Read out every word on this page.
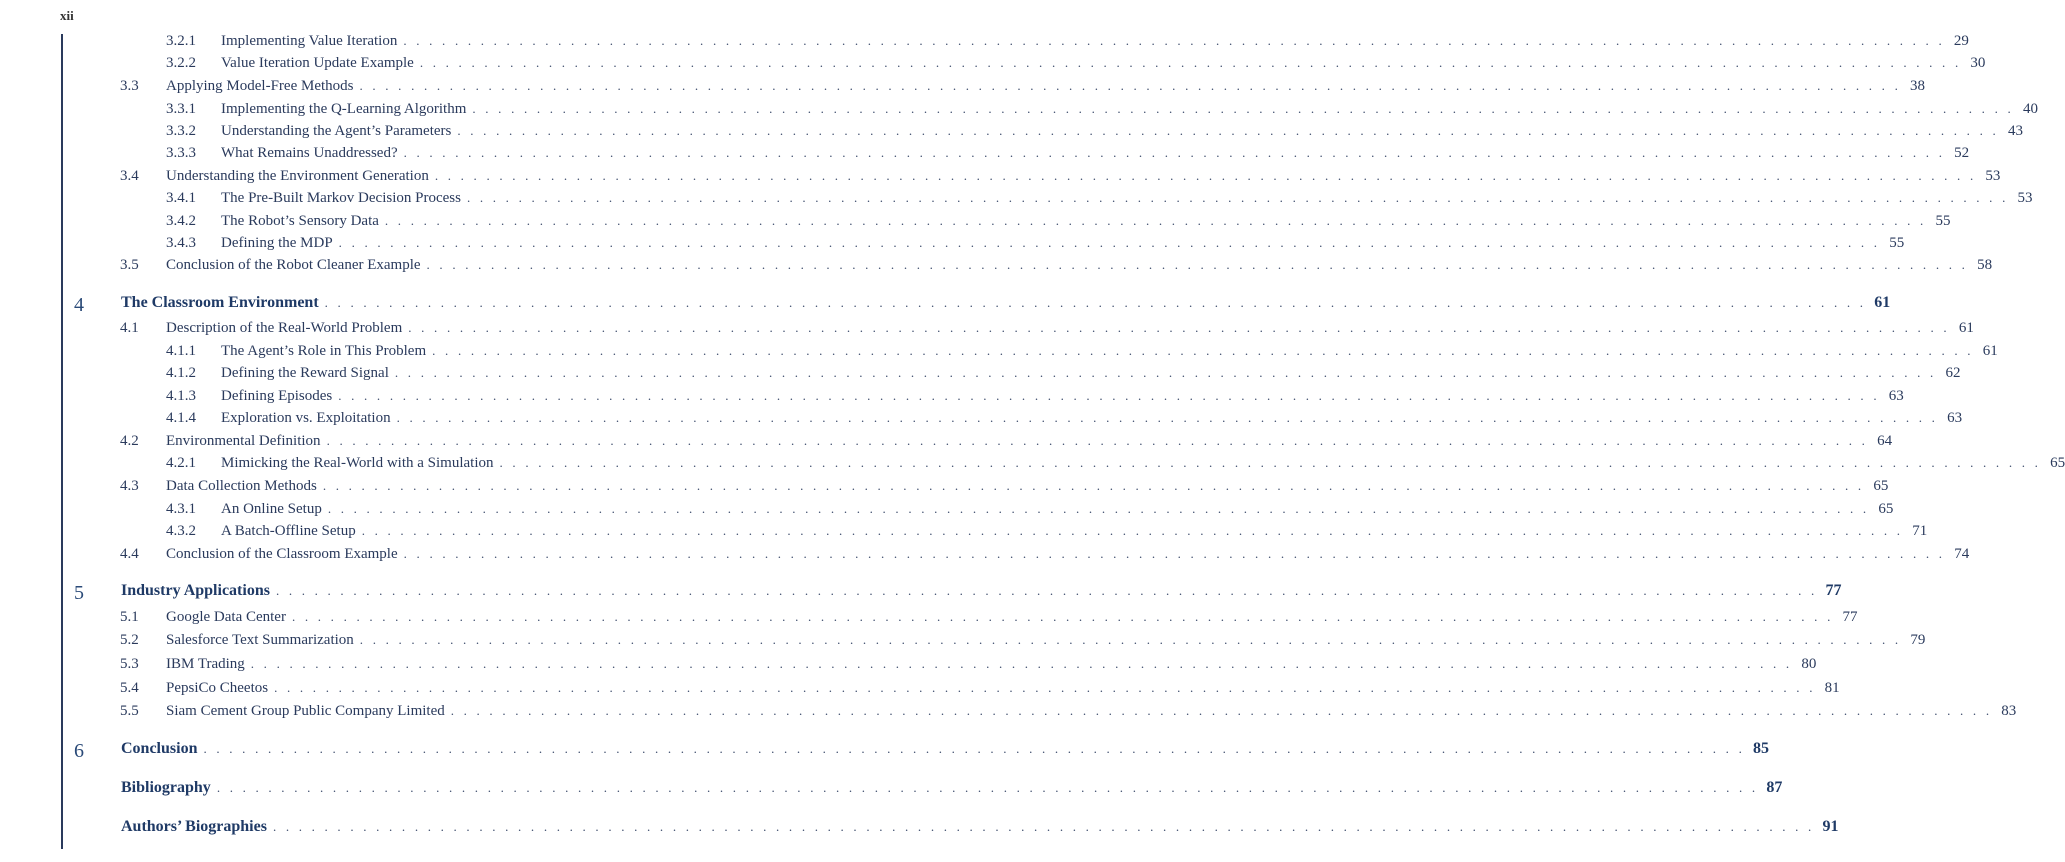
xii
3.2.1 Implementing Value Iteration . . . . . . . . . . . . . . . . . . . . . . . . . . . . . . . . . . . . . . . . . . . . . . . . . . . . . . . . . . . . . . . . . . . . . . . . . . . . . . . . . . . . . . . . . . . . . . . . . . . . . . . . . . . . . . . . . . . . . . . . 29
3.2.2 Value Iteration Update Example . . . . . . . . . . . . . . . . . . . . . . . . . . . . . . . . . . . . . . . . . . . . . . . . . . . . . . . . . . . . . . . . . . . . . . . . . . . . . . . . . . . . . . . . . . . . . . . . . . . . . . . . . . . . . . . . . . . . . . . . 30
3.3 Applying Model-Free Methods . . . . . . . . . . . . . . . . . . . . . . . . . . . . . . . . . . . . . . . . . . . . . . . . . . . . . . . . . . . . . . . . . . . . . . . . . . . . . . . . . . . . . . . . . . . . . . . . . . . . . . . . . . . . . . . . . . . . . . . . 38
3.3.1 Implementing the Q-Learning Algorithm . . . . . . . . . . . . . . . . . . . . . . . . . . . . . . . . . . . . . . . . . . . . . . . . . . . . . . . . . . . . . . . . . . . . . . . . . . . . . . . . . . . . . . . . . . . . . . . . . . . . . . . . . . . . . . . . . . . . . . . . 40
3.3.2 Understanding the Agent’s Parameters . . . . . . . . . . . . . . . . . . . . . . . . . . . . . . . . . . . . . . . . . . . . . . . . . . . . . . . . . . . . . . . . . . . . . . . . . . . . . . . . . . . . . . . . . . . . . . . . . . . . . . . . . . . . . . . . . . . . . . . . 43
3.3.3 What Remains Unaddressed? . . . . . . . . . . . . . . . . . . . . . . . . . . . . . . . . . . . . . . . . . . . . . . . . . . . . . . . . . . . . . . . . . . . . . . . . . . . . . . . . . . . . . . . . . . . . . . . . . . . . . . . . . . . . . . . . . . . . . . . . 52
3.4 Understanding the Environment Generation . . . . . . . . . . . . . . . . . . . . . . . . . . . . . . . . . . . . . . . . . . . . . . . . . . . . . . . . . . . . . . . . . . . . . . . . . . . . . . . . . . . . . . . . . . . . . . . . . . . . . . . . . . . . . . . . . . . . . . . . 53
3.4.1 The Pre-Built Markov Decision Process . . . . . . . . . . . . . . . . . . . . . . . . . . . . . . . . . . . . . . . . . . . . . . . . . . . . . . . . . . . . . . . . . . . . . . . . . . . . . . . . . . . . . . . . . . . . . . . . . . . . . . . . . . . . . . . . . . . . . . . . 53
3.4.2 The Robot’s Sensory Data . . . . . . . . . . . . . . . . . . . . . . . . . . . . . . . . . . . . . . . . . . . . . . . . . . . . . . . . . . . . . . . . . . . . . . . . . . . . . . . . . . . . . . . . . . . . . . . . . . . . . . . . . . . . . . . . . . . . . . . . 55
3.4.3 Defining the MDP . . . . . . . . . . . . . . . . . . . . . . . . . . . . . . . . . . . . . . . . . . . . . . . . . . . . . . . . . . . . . . . . . . . . . . . . . . . . . . . . . . . . . . . . . . . . . . . . . . . . . . . . . . . . . . . . . . . . . . . . 55
3.5 Conclusion of the Robot Cleaner Example . . . . . . . . . . . . . . . . . . . . . . . . . . . . . . . . . . . . . . . . . . . . . . . . . . . . . . . . . . . . . . . . . . . . . . . . . . . . . . . . . . . . . . . . . . . . . . . . . . . . . . . . . . . . . . . . . . . . . . . . 58
4 The Classroom Environment . . . . . . . . . . . . . . . . . . . . . . . . . . . . . . . . . . . . . . . . . . . . . . . . . . . . . . . . . . . . . . . . . . . . . . . . . . . . . . . . . . . . . . . . . . . . . . . . . . . . . . . . . . . . . . . . . . . . . . . . 61
4.1 Description of the Real-World Problem . . . . . . . . . . . . . . . . . . . . . . . . . . . . . . . . . . . . . . . . . . . . . . . . . . . . . . . . . . . . . . . . . . . . . . . . . . . . . . . . . . . . . . . . . . . . . . . . . . . . . . . . . . . . . . . . . . . . . . . . 61
4.1.1 The Agent’s Role in This Problem . . . . . . . . . . . . . . . . . . . . . . . . . . . . . . . . . . . . . . . . . . . . . . . . . . . . . . . . . . . . . . . . . . . . . . . . . . . . . . . . . . . . . . . . . . . . . . . . . . . . . . . . . . . . . . . . . . . . . . . . 61
4.1.2 Defining the Reward Signal . . . . . . . . . . . . . . . . . . . . . . . . . . . . . . . . . . . . . . . . . . . . . . . . . . . . . . . . . . . . . . . . . . . . . . . . . . . . . . . . . . . . . . . . . . . . . . . . . . . . . . . . . . . . . . . . . . . . . . . . 62
4.1.3 Defining Episodes . . . . . . . . . . . . . . . . . . . . . . . . . . . . . . . . . . . . . . . . . . . . . . . . . . . . . . . . . . . . . . . . . . . . . . . . . . . . . . . . . . . . . . . . . . . . . . . . . . . . . . . . . . . . . . . . . . . . . . . . 63
4.1.4 Exploration vs. Exploitation . . . . . . . . . . . . . . . . . . . . . . . . . . . . . . . . . . . . . . . . . . . . . . . . . . . . . . . . . . . . . . . . . . . . . . . . . . . . . . . . . . . . . . . . . . . . . . . . . . . . . . . . . . . . . . . . . . . . . . . . 63
4.2 Environmental Definition . . . . . . . . . . . . . . . . . . . . . . . . . . . . . . . . . . . . . . . . . . . . . . . . . . . . . . . . . . . . . . . . . . . . . . . . . . . . . . . . . . . . . . . . . . . . . . . . . . . . . . . . . . . . . . . . . . . . . . . . 64
4.2.1 Mimicking the Real-World with a Simulation . . . . . . . . . . . . . . . . . . . . . . . . . . . . . . . . . . . . . . . . . . . . . . . . . . . . . . . . . . . . . . . . . . . . . . . . . . . . . . . . . . . . . . . . . . . . . . . . . . . . . . . . . . . . . . . . . . . . . . . . 65
4.3 Data Collection Methods . . . . . . . . . . . . . . . . . . . . . . . . . . . . . . . . . . . . . . . . . . . . . . . . . . . . . . . . . . . . . . . . . . . . . . . . . . . . . . . . . . . . . . . . . . . . . . . . . . . . . . . . . . . . . . . . . . . . . . . . 65
4.3.1 An Online Setup . . . . . . . . . . . . . . . . . . . . . . . . . . . . . . . . . . . . . . . . . . . . . . . . . . . . . . . . . . . . . . . . . . . . . . . . . . . . . . . . . . . . . . . . . . . . . . . . . . . . . . . . . . . . . . . . . . . . . . . . 65
4.3.2 A Batch-Offline Setup . . . . . . . . . . . . . . . . . . . . . . . . . . . . . . . . . . . . . . . . . . . . . . . . . . . . . . . . . . . . . . . . . . . . . . . . . . . . . . . . . . . . . . . . . . . . . . . . . . . . . . . . . . . . . . . . . . . . . . . . 71
4.4 Conclusion of the Classroom Example . . . . . . . . . . . . . . . . . . . . . . . . . . . . . . . . . . . . . . . . . . . . . . . . . . . . . . . . . . . . . . . . . . . . . . . . . . . . . . . . . . . . . . . . . . . . . . . . . . . . . . . . . . . . . . . . . . . . . . . . 74
5 Industry Applications . . . . . . . . . . . . . . . . . . . . . . . . . . . . . . . . . . . . . . . . . . . . . . . . . . . . . . . . . . . . . . . . . . . . . . . . . . . . . . . . . . . . . . . . . . . . . . . . . . . . . . . . . . . . . . . . . . . . . . . . 77
5.1 Google Data Center . . . . . . . . . . . . . . . . . . . . . . . . . . . . . . . . . . . . . . . . . . . . . . . . . . . . . . . . . . . . . . . . . . . . . . . . . . . . . . . . . . . . . . . . . . . . . . . . . . . . . . . . . . . . . . . . . . . . . . . . 77
5.2 Salesforce Text Summarization . . . . . . . . . . . . . . . . . . . . . . . . . . . . . . . . . . . . . . . . . . . . . . . . . . . . . . . . . . . . . . . . . . . . . . . . . . . . . . . . . . . . . . . . . . . . . . . . . . . . . . . . . . . . . . . . . . . . . . . . 79
5.3 IBM Trading . . . . . . . . . . . . . . . . . . . . . . . . . . . . . . . . . . . . . . . . . . . . . . . . . . . . . . . . . . . . . . . . . . . . . . . . . . . . . . . . . . . . . . . . . . . . . . . . . . . . . . . . . . . . . . . . . . . . . . . . 80
5.4 PepsiCo Cheetos . . . . . . . . . . . . . . . . . . . . . . . . . . . . . . . . . . . . . . . . . . . . . . . . . . . . . . . . . . . . . . . . . . . . . . . . . . . . . . . . . . . . . . . . . . . . . . . . . . . . . . . . . . . . . . . . . . . . . . . . 81
5.5 Siam Cement Group Public Company Limited . . . . . . . . . . . . . . . . . . . . . . . . . . . . . . . . . . . . . . . . . . . . . . . . . . . . . . . . . . . . . . . . . . . . . . . . . . . . . . . . . . . . . . . . . . . . . . . . . . . . . . . . . . . . . . . . . . . . . . . . 83
6 Conclusion . . . . . . . . . . . . . . . . . . . . . . . . . . . . . . . . . . . . . . . . . . . . . . . . . . . . . . . . . . . . . . . . . . . . . . . . . . . . . . . . . . . . . . . . . . . . . . . . . . . . . . . . . . . . . . . . . . . . . . . . 85
Bibliography . . . . . . . . . . . . . . . . . . . . . . . . . . . . . . . . . . . . . . . . . . . . . . . . . . . . . . . . . . . . . . . . . . . . . . . . . . . . . . . . . . . . . . . . . . . . . . . . . . . . . . . . . . . . . . . . . . . . . . . . 87
Authors’ Biographies . . . . . . . . . . . . . . . . . . . . . . . . . . . . . . . . . . . . . . . . . . . . . . . . . . . . . . . . . . . . . . . . . . . . . . . . . . . . . . . . . . . . . . . . . . . . . . . . . . . . . . . . . . . . . . . . . . . . . . . . 91
